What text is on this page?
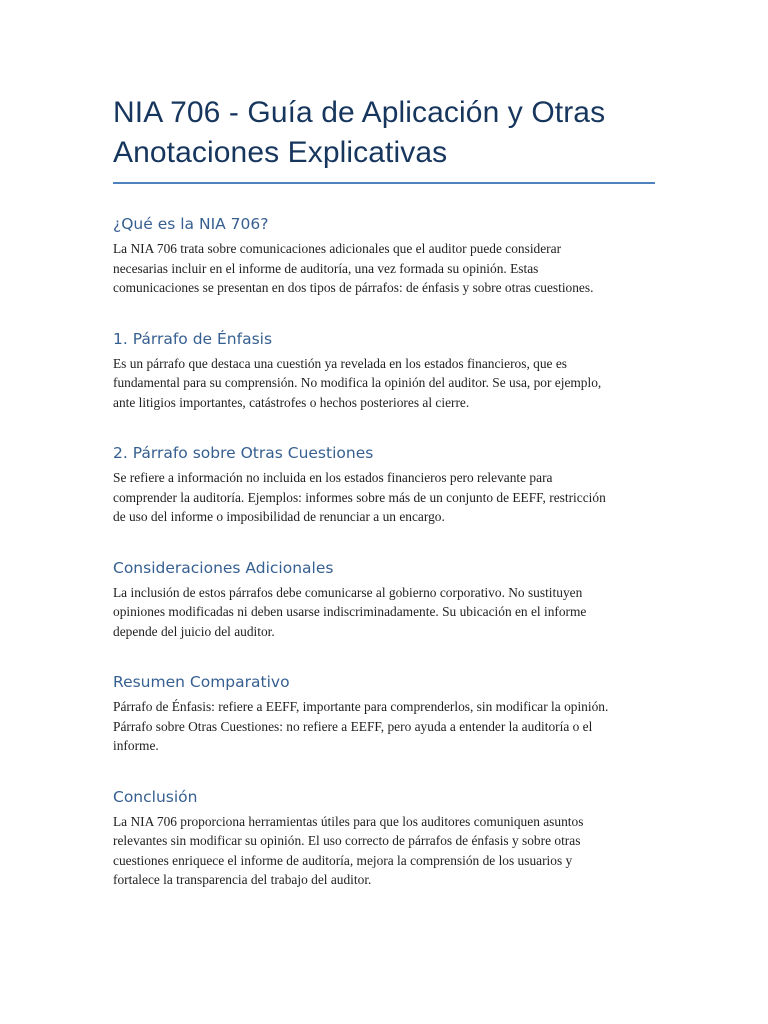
NIA 706 - Guía de Aplicación y Otras
Anotaciones Explicativas
¿Qué es la NIA 706?

La NIA 706 trata sobre comunicaciones adicionales que el auditor puede considerar
necesarias incluir en el informe de auditoría, una vez formada su opinión. Estas
comunicaciones se presentan en dos tipos de párrafos: de énfasis y sobre otras cuestiones.

1. Párrafo de Énfasis

Es un párrafo que destaca una cuestión ya revelada en los estados financieros, que es
fundamental para su comprensión. No modifica la opinión del auditor. Se usa, por ejemplo,
ante litigios importantes, catástrofes o hechos posteriores al cierre.

2. Párrafo sobre Otras Cuestiones

Se refiere a información no incluida en los estados financieros pero relevante para
comprender la auditoría. Ejemplos: informes sobre más de un conjunto de EEFF, restricción
de uso del informe o imposibilidad de renunciar a un encargo.

Consideraciones Adicionales

La inclusión de estos párrafos debe comunicarse al gobierno corporativo. No sustituyen
opiniones modificadas ni deben usarse indiscriminadamente. Su ubicación en el informe
depende del juicio del auditor.

Resumen Comparativo

Párrafo de Énfasis: refiere a EEFF, importante para comprenderlos, sin modificar la opinión.
Párrafo sobre Otras Cuestiones: no refiere a EEFF, pero ayuda a entender la auditoría o el
informe.

Conclusión

La NIA 706 proporciona herramientas útiles para que los auditores comuniquen asuntos
relevantes sin modificar su opinión. El uso correcto de párrafos de énfasis y sobre otras
cuestiones enriquece el informe de auditoría, mejora la comprensión de los usuarios y
fortalece la transparencia del trabajo del auditor.
